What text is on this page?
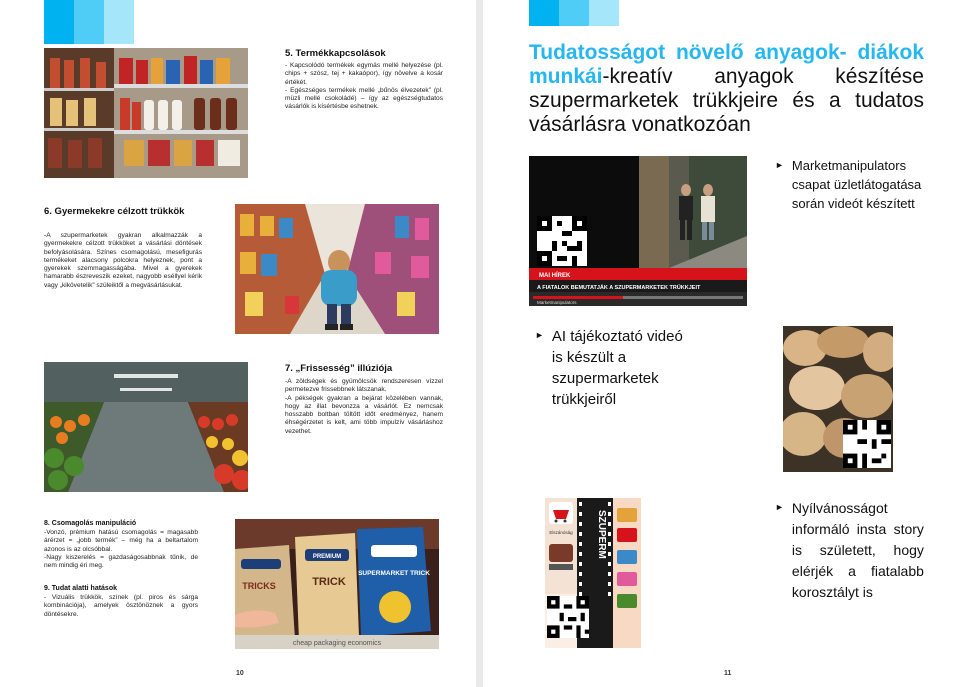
5. Termékkapcsolások
- Kapcsolódó termékek egymás mellé helyezése (pl. chips + szósz, tej + kakaópor), így növelve a kosár értékét.
- Egészséges termékek mellé „bűnös élvezetek” (pl. müzli mellé csokoládé) – így az egészségtudatos vásárlók is kísértésbe eshetnek.
6. Gyermekekre célzott trükkök
-A szupermarketek gyakran alkalmazzák a gyermekekre célzott trükköket a vásárlási döntések befolyásolására. Színes csomagolású, mesefigurás termékeket alacsony polcokra helyeznek, pont a gyerekek szemmagasságába. Mivel a gyerekek hamarabb észreveszik ezeket, nagyobb eséllyel kérik vagy „kikövetelik” szüleiktől a megvásárlásukat.
7. „Frissesség” illúziója
-A zöldségek és gyümölcsök rendszeresen vízzel permetezve frissebbnek látszanak.
-A pékségek gyakran a bejárat közelében vannak, hogy az illat bevonzza a vásárlót. Ez nemcsak hosszabb boltban töltött időt eredményez, hanem éhségérzetet is kelt, ami több impulzív vásárláshoz vezethet.
8. Csomagolás manipuláció
-Vonzó, prémium hatású csomagolás = magasabb árérzet = „jobb termék” – még ha a beltartalom azonos is az olcsóbbal.
-Nagy kiszerelés = gazdaságosabbnak tűnik, de nem mindig éri meg.
9. Tudat alatti hatások
- Vizuális trükkök, színek (pl. piros és sárga kombinációja), amelyek ösztönöznek a gyors döntésekre.
PREMIUM
TRICKS	TRICK
SUPERMARKET TRICK
cheap packaging economics
10
Tudatosságot növelő anyagok- diákok munkái-kreatív anyagok készítése szupermarketek trükkjeire és a tudatos vásárlásra vonatkozóan
MAI HÍREK
A FIATALOK BEMUTATJÁK A SZUPERMARKETEK TRÜKKJEIT
Marketmanipulators
► Marketmanipulators csapat üzletlátogatása során videót készített
► AI tájékoztató videó is készült a szupermarketek trükkjeiről
SZUPERM
Elszánóság
► Nyílvánosságot informáló insta story is született, hogy elérjék a fiatalabb korosztályt is
11
